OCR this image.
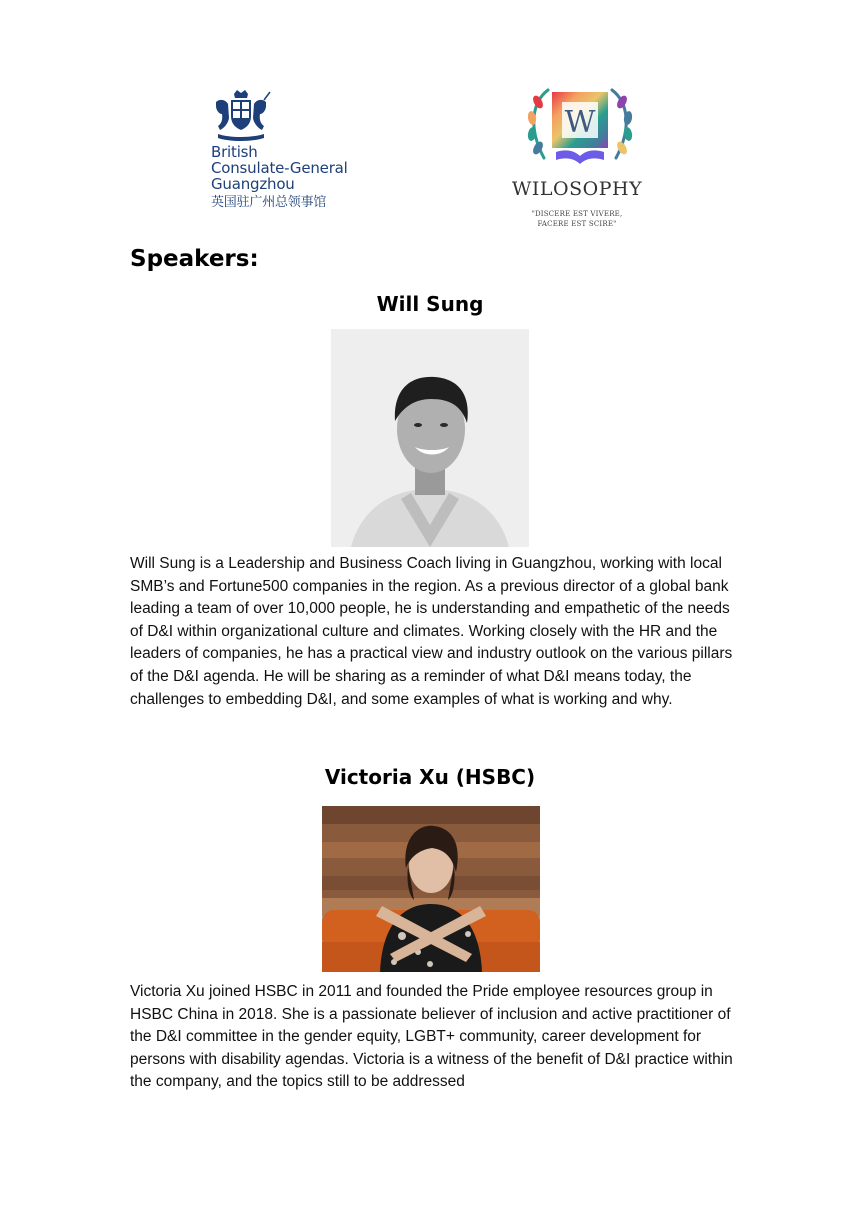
British
Consulate-General
Guangzhou
英国驻广州总领事馆
W
WILOSOPHY
"DISCERE EST VIVERE,
FACERE EST SCIRE"
Speakers:
Will Sung

Will Sung is a Leadership and Business Coach living in Guangzhou, working with local SMB’s and Fortune500 companies in the region. As a previous director of a global bank leading a team of over 10,000 people, he is understanding and empathetic of the needs of D&I within organizational culture and climates. Working closely with the HR and the leaders of companies, he has a practical view and industry outlook on the various pillars of the D&I agenda. He will be sharing as a reminder of what D&I means today, the challenges to embedding D&I, and some examples of what is working and why.

Victoria Xu (HSBC)

Victoria Xu joined HSBC in 2011 and founded the Pride employee resources group in HSBC China in 2018. She is a passionate believer of inclusion and active practitioner of the D&I committee in the gender equity, LGBT+ community, career development for persons with disability agendas. Victoria is a witness of the benefit of D&I practice within the company, and the topics still to be addressed
